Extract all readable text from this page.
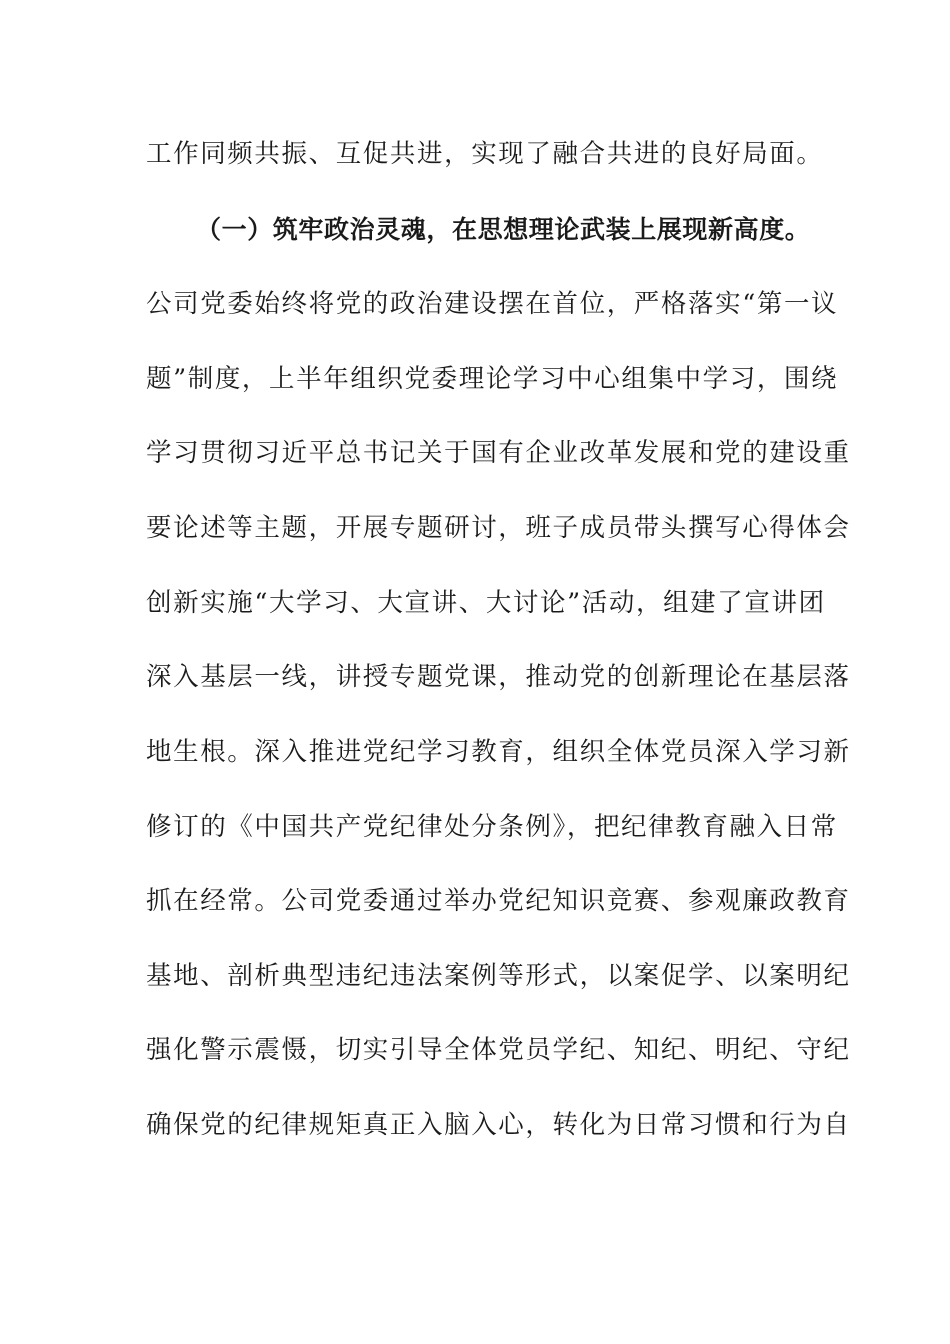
工作同频共振、互促共进，实现了融合共进的良好局面。
（一）筑牢政治灵魂，在思想理论武装上展现新高度。
公司党委始终将党的政治建设摆在首位，严格落实“第一议
题”制度，上半年组织党委理论学习中心组集中学习，围绕
学习贯彻习近平总书记关于国有企业改革发展和党的建设重
要论述等主题，开展专题研讨，班子成员带头撰写心得体会
创新实施“大学习、大宣讲、大讨论”活动，组建了宣讲团
深入基层一线，讲授专题党课，推动党的创新理论在基层落
地生根。深入推进党纪学习教育，组织全体党员深入学习新
修订的《中国共产党纪律处分条例》，把纪律教育融入日常
抓在经常。公司党委通过举办党纪知识竞赛、参观廉政教育
基地、剖析典型违纪违法案例等形式，以案促学、以案明纪
强化警示震慑，切实引导全体党员学纪、知纪、明纪、守纪
确保党的纪律规矩真正入脑入心，转化为日常习惯和行为自
